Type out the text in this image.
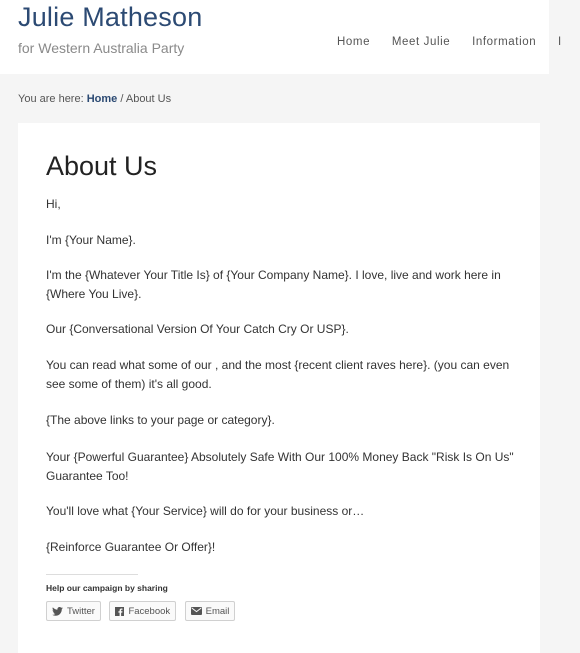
Julie Matheson
for Western Australia Party	Home Meet Julie Information I
You are here: Home / About Us
About Us
Hi,
I'm {Your Name}.
I'm the {Whatever Your Title Is} of {Your Company Name}. I love, live and work here in {Where You Live}.
Our {Conversational Version Of Your Catch Cry Or USP}.
You can read what some of our , and the most {recent client raves here}. (you can even see some of them) it's all good.
{The above links to your page or category}.
Your {Powerful Guarantee} Absolutely Safe With Our 100% Money Back "Risk Is On Us" Guarantee Too!
You'll love what {Your Service} will do for your business or…
{Reinforce Guarantee Or Offer}!
Help our campaign by sharing
Twitter
	Facebook
	Email
